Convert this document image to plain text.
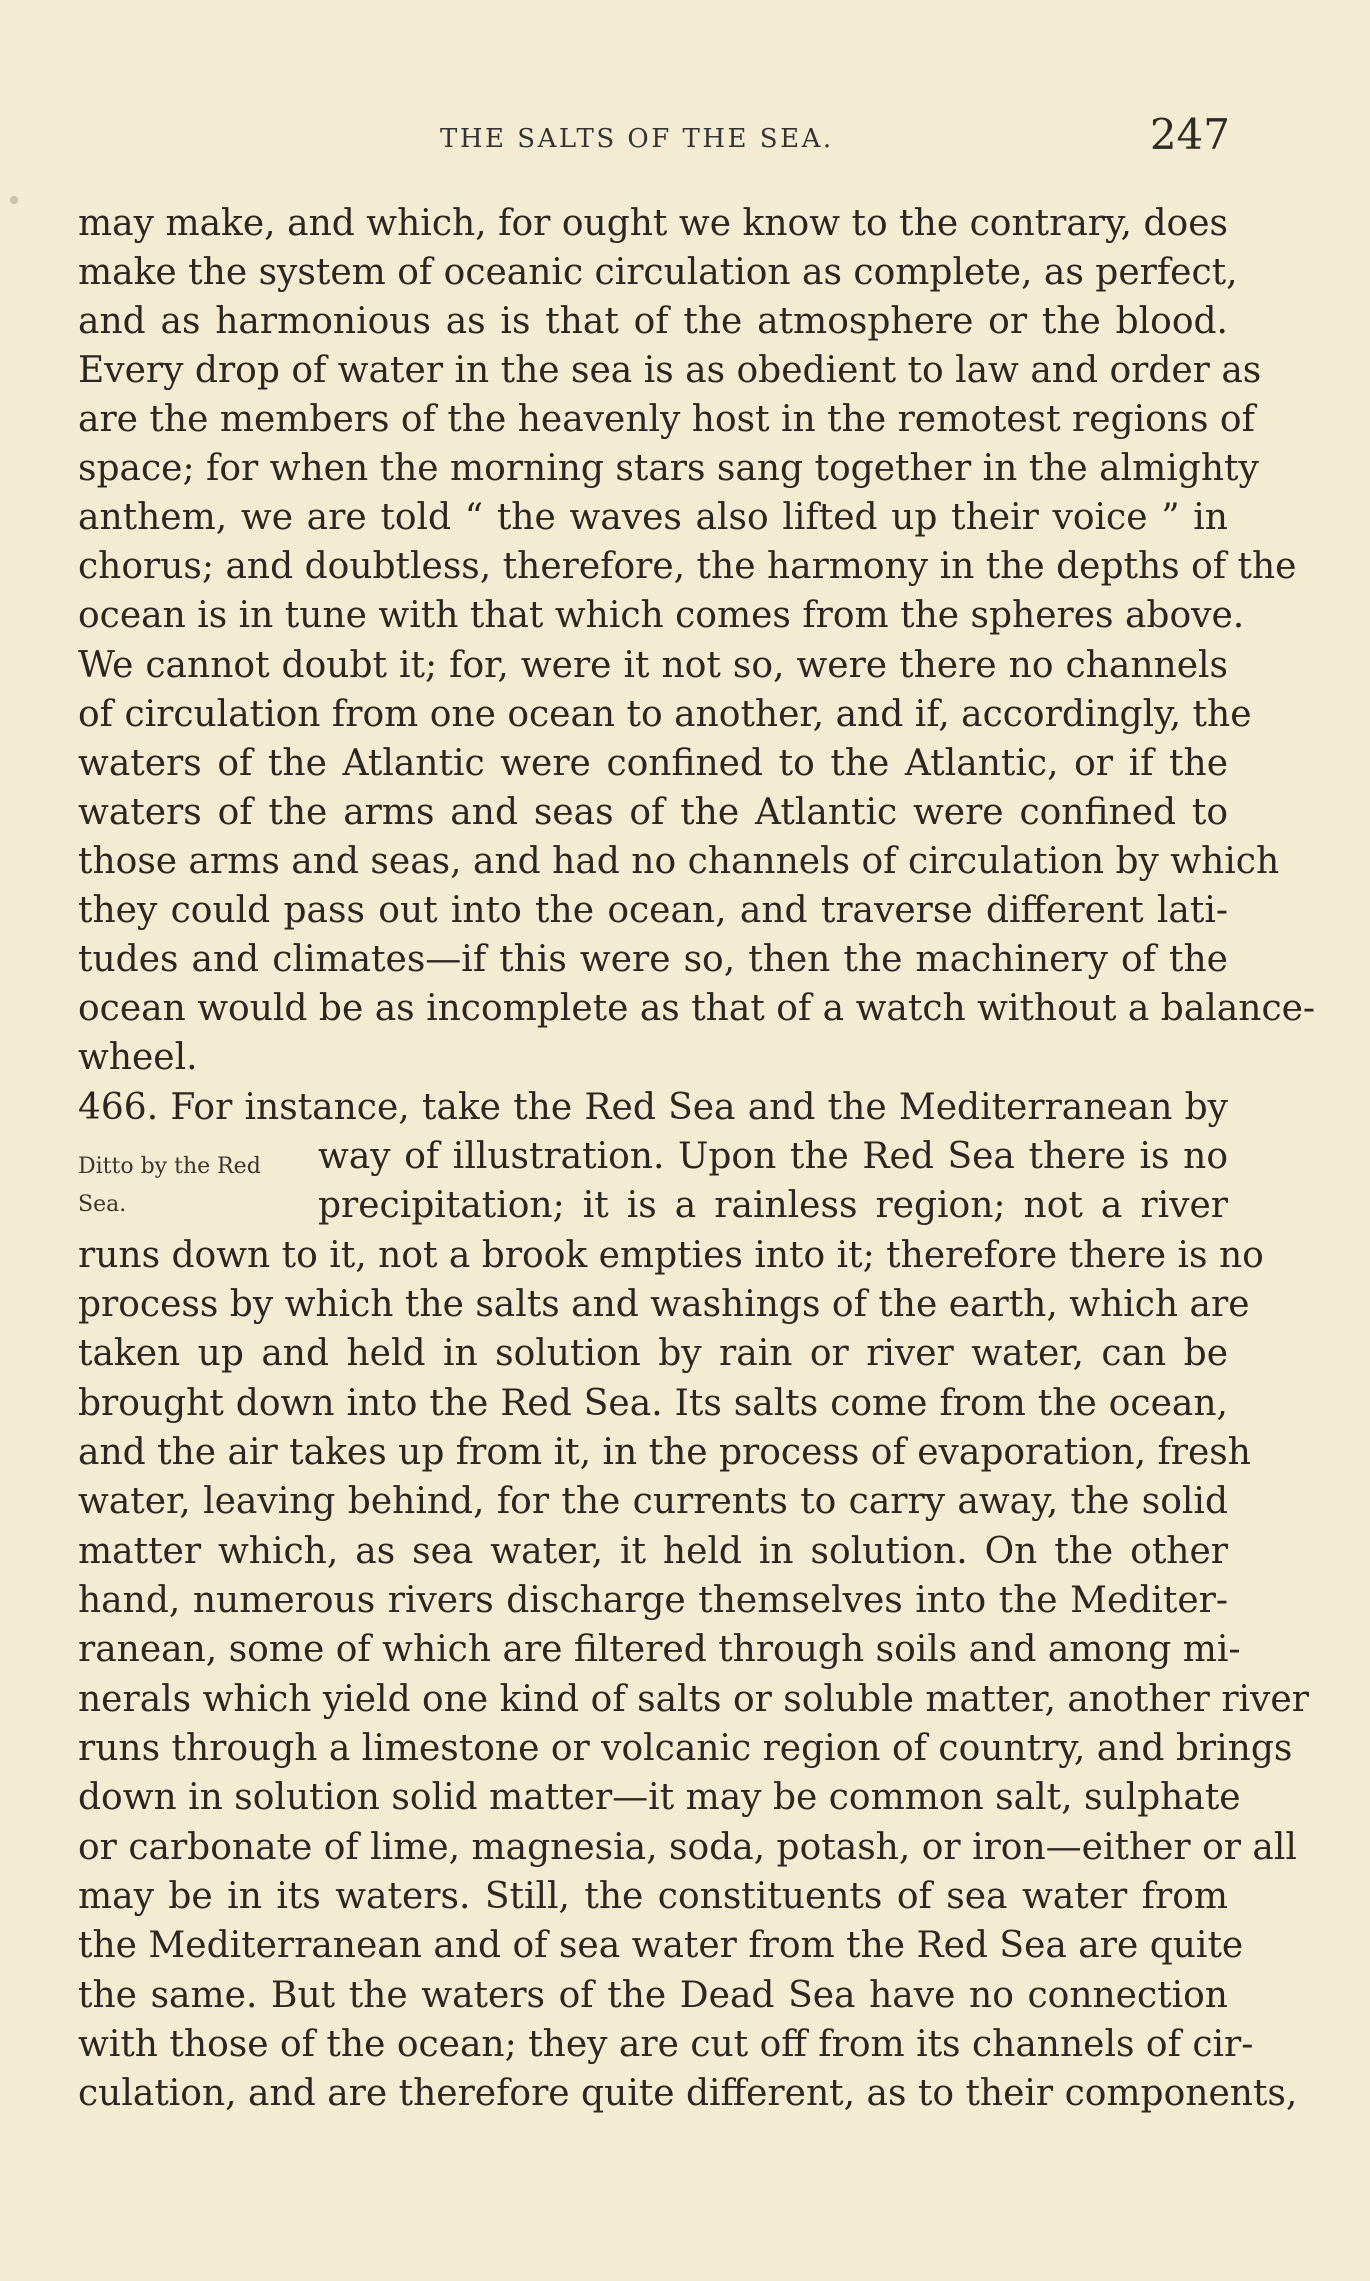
THE SALTS OF THE SEA.	247
may make, and which, for ought we know to the contrary, does
make the system of oceanic circulation as complete, as perfect,
and as harmonious as is that of the atmosphere or the blood.
Every drop of water in the sea is as obedient to law and order as
are the members of the heavenly host in the remotest regions of
space; for when the morning stars sang together in the almighty
anthem, we are told “ the waves also lifted up their voice ” in
chorus; and doubtless, therefore, the harmony in the depths of the
ocean is in tune with that which comes from the spheres above.
We cannot doubt it; for, were it not so, were there no channels
of circulation from one ocean to another, and if, accordingly, the
waters of the Atlantic were confined to the Atlantic, or if the
waters of the arms and seas of the Atlantic were confined to
those arms and seas, and had no channels of circulation by which
they could pass out into the ocean, and traverse different lati-
tudes and climates—if this were so, then the machinery of the
ocean would be as incomplete as that of a watch without a balance-
wheel.
466. For instance, take the Red Sea and the Mediterranean by
Ditto by the Red
Sea.
way of illustration. Upon the Red Sea there is no
precipitation; it is a rainless region; not a river
runs down to it, not a brook empties into it; therefore there is no
process by which the salts and washings of the earth, which are
taken up and held in solution by rain or river water, can be
brought down into the Red Sea. Its salts come from the ocean,
and the air takes up from it, in the process of evaporation, fresh
water, leaving behind, for the currents to carry away, the solid
matter which, as sea water, it held in solution. On the other
hand, numerous rivers discharge themselves into the Mediter-
ranean, some of which are filtered through soils and among mi-
nerals which yield one kind of salts or soluble matter, another river
runs through a limestone or volcanic region of country, and brings
down in solution solid matter—it may be common salt, sulphate
or carbonate of lime, magnesia, soda, potash, or iron—either or all
may be in its waters. Still, the constituents of sea water from
the Mediterranean and of sea water from the Red Sea are quite
the same. But the waters of the Dead Sea have no connection
with those of the ocean; they are cut off from its channels of cir-
culation, and are therefore quite different, as to their components,
